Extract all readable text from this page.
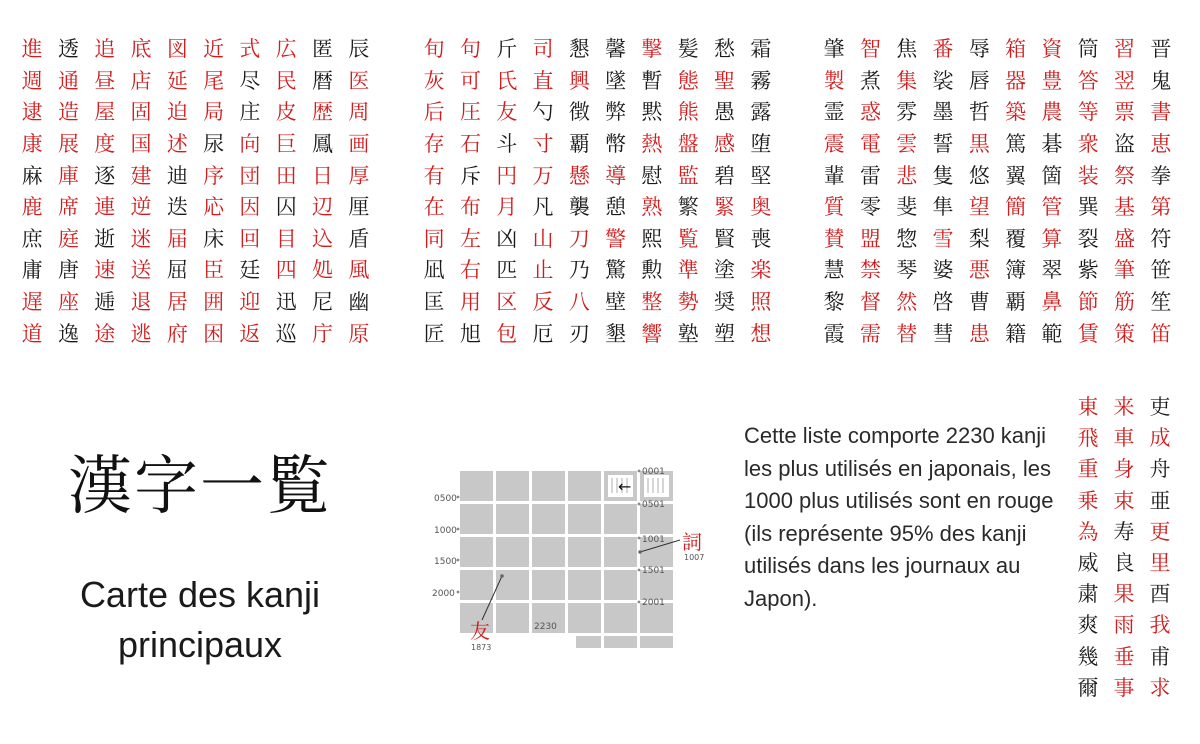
進 透 追 底 図 近 式 広 匿 辰
週 通 昼 店 延 尾 尽 民 暦 医
逮 造 屋 固 迫 局 庄 皮 歴 周
康 展 度 国 述 尿 向 巨 鳳 画
麻 庫 逐 建 迪 序 団 田 日 厚
鹿 席 連 逆 迭 応 因 囚 辺 厘
庶 庭 逝 迷 届 床 回 目 込 盾
庸 唐 速 送 屈 臣 廷 四 処 風
遅 座 逓 退 居 囲 迎 迅 尼 幽
道 逸 途 逃 府 困 返 巡 庁 原
旬 句 斤 司 懇 馨 撃 髪 愁 霜
灰 可 氏 直 興 墜 暫 態 聖 霧
后 圧 友 勺 徴 弊 黙 熊 愚 露
存 石 斗 寸 覇 幣 熱 盤 感 堕
有 斥 円 万 懸 導 慰 監 碧 堅
在 布 月 凡 襲 憩 熟 繁 緊 奥
同 左 凶 山 刀 警 熙 覧 賢 喪
凪 右 匹 止 乃 驚 勲 準 塗 楽
匡 用 区 反 八 壁 整 勢 奨 照
匠 旭 包 厄 刃 墾 響 塾 塑 想
肇 智 焦 番 辱 箱 資 筒 習 晋
製 煮 集 裟 唇 器 豊 答 翌 鬼
霊 惑 雰 墨 哲 築 農 等 票 書
震 電 雲 誓 黒 篤 碁 衆 盗 恵
輩 雷 悲 隻 悠 翼 箇 装 祭 拳
質 零 斐 隼 望 簡 管 巽 基 第
賛 盟 惣 雪 梨 覆 算 裂 盛 符
慧 禁 琴 婆 悪 簿 翠 紫 筆 笹
黎 督 然 啓 曹 覇 鼻 節 筋 笙
霞 需 替 彗 患 籍 範 賃 策 笛
東 来 吏
飛 車 成
重 身 舟
乗 束 亜
為 寿 更
威 良 里
粛 果 酉
爽 雨 我
幾 垂 甫
爾 事 求
漢字一覧
Carte des kanji principaux
Cette liste comporte 2230 kanji les plus utilisés en japonais, les 1000 plus utilisés sont en rouge (ils représente 95% des kanji utilisés dans les journaux au Japon).
←
0500
1000
1500
2000
0001
0501
1001
1501
2001
2230
詞
1007
友
1873
